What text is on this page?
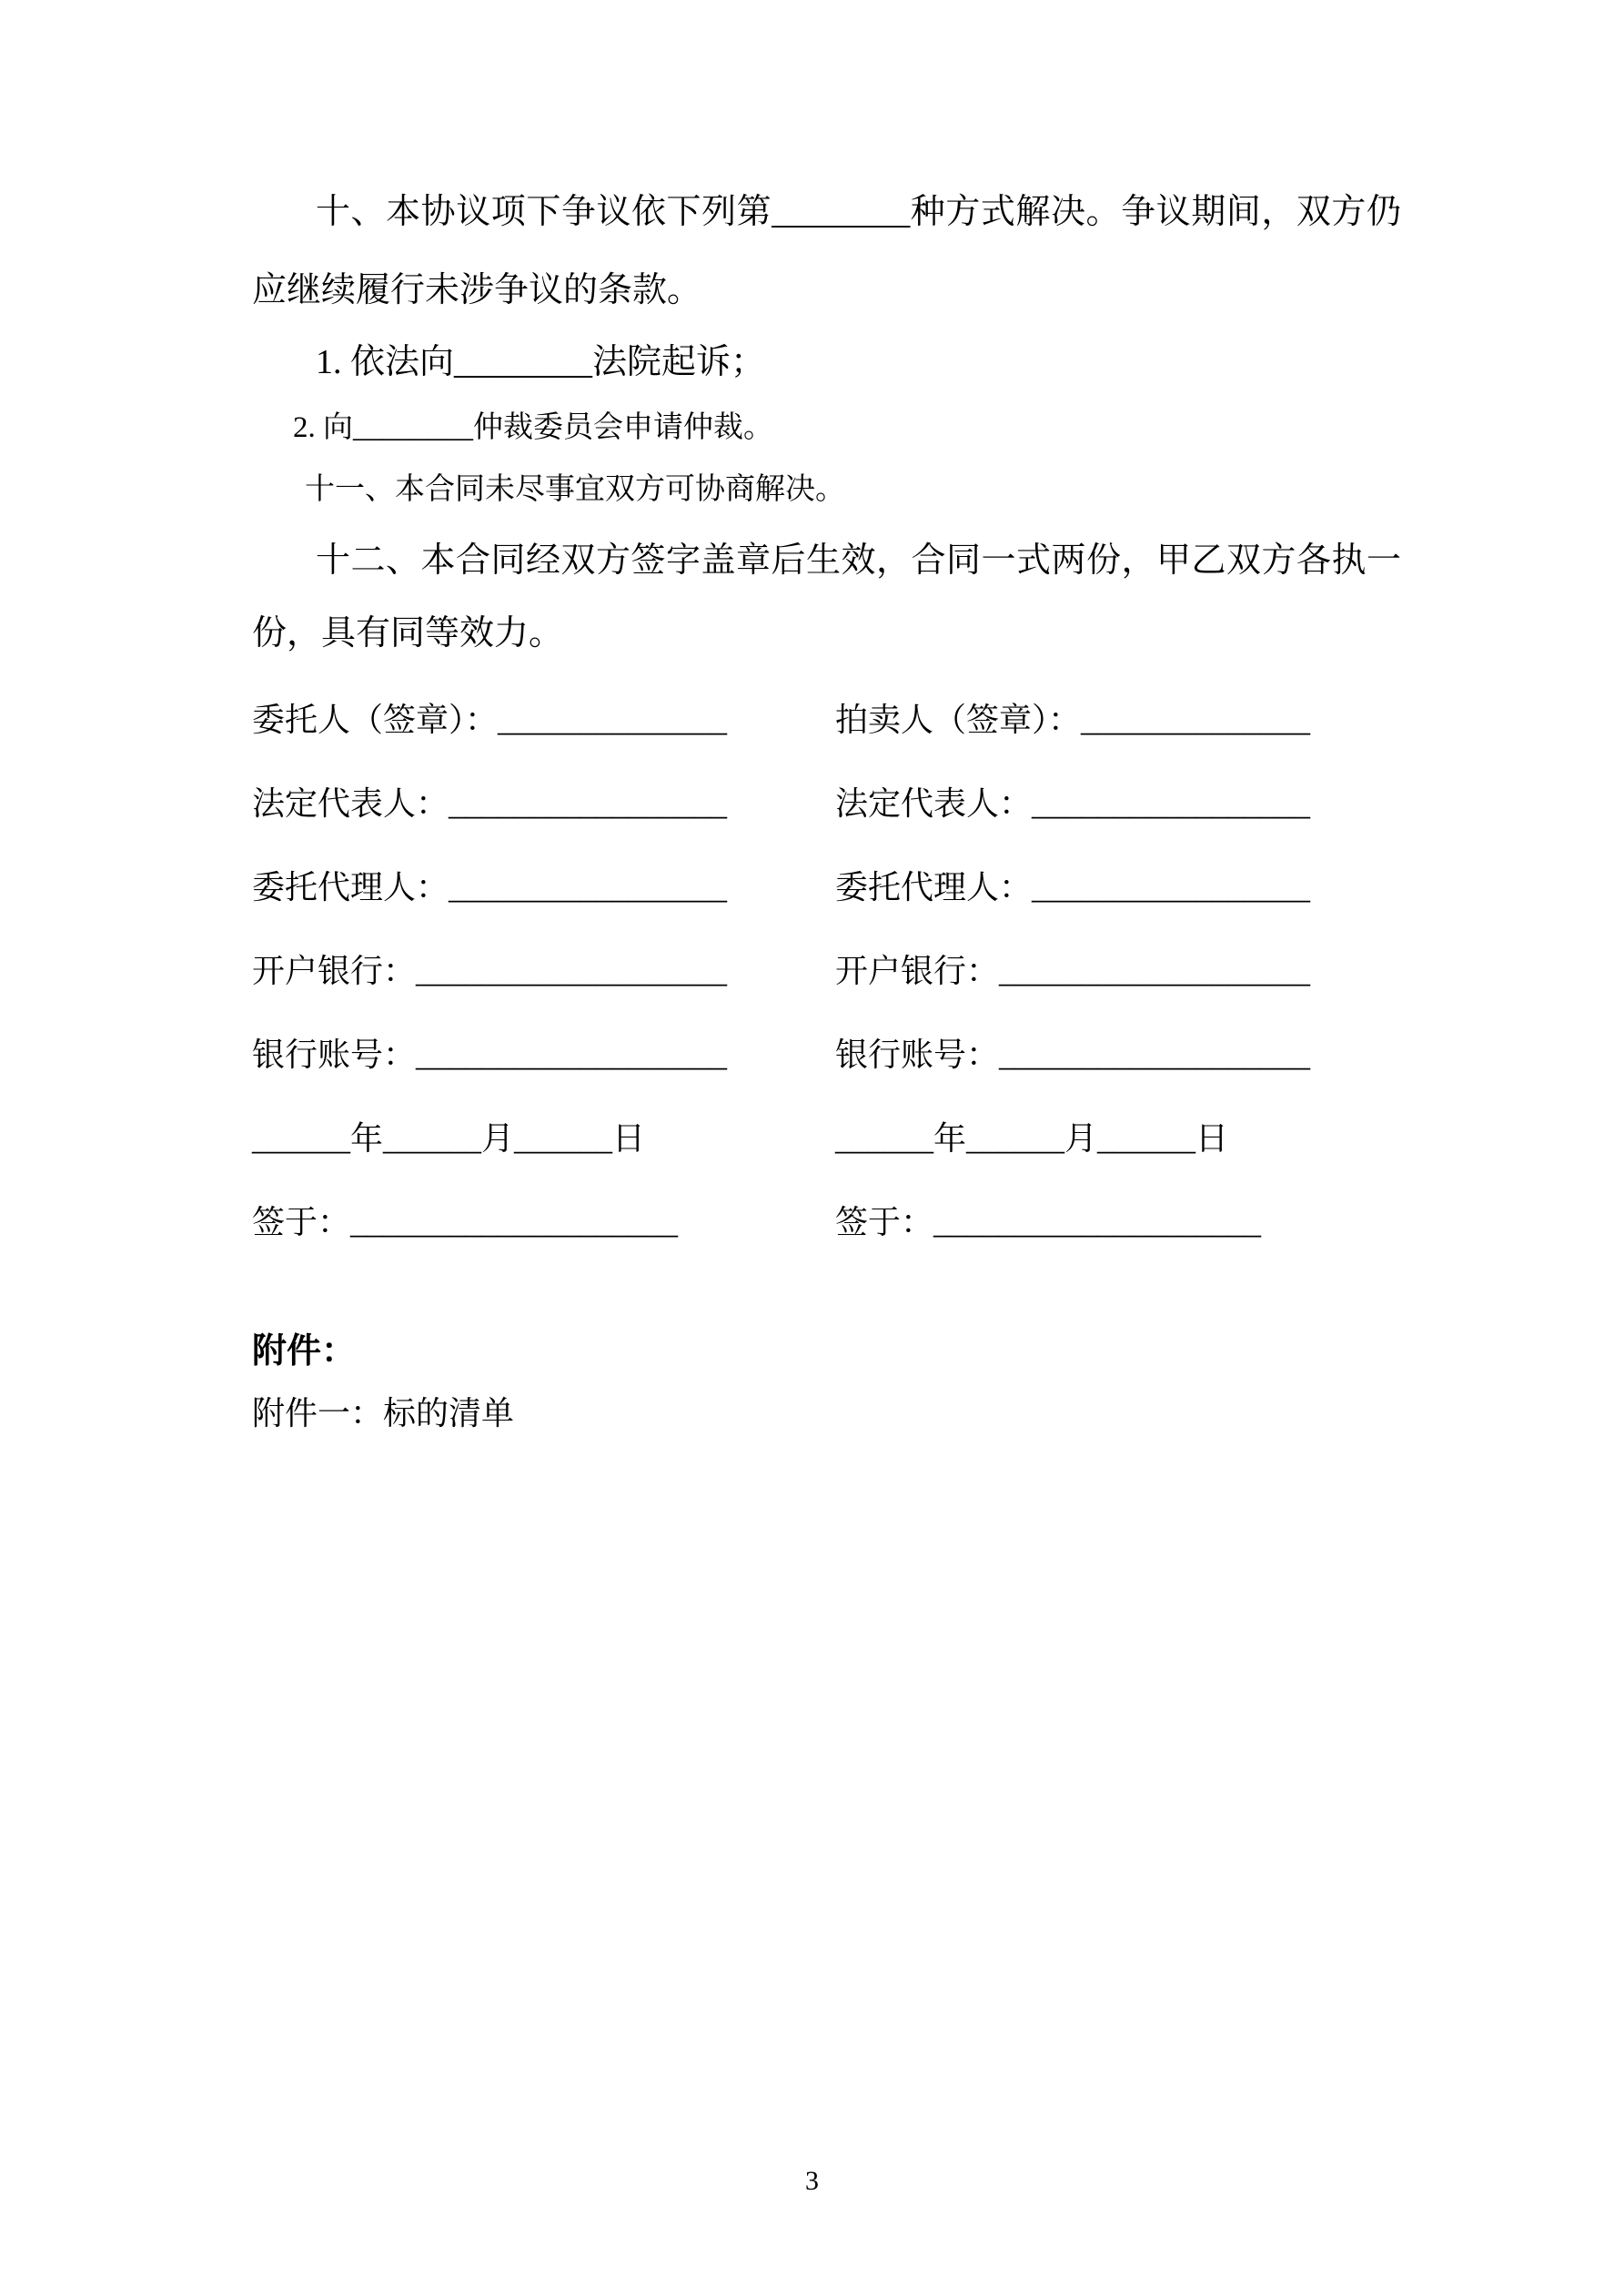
十、本协议项下争议依下列第________种方式解决。争议期间，双方仍应继续履行未涉争议的条款。

1. 依法向________法院起诉；

2. 向________仲裁委员会申请仲裁。

十一、本合同未尽事宜双方可协商解决。

十二、本合同经双方签字盖章后生效，合同一式两份，甲乙双方各执一份，具有同等效力。

委托人（签章）：______________
法定代表人：_________________
委托代理人：_________________
开户银行：___________________
银行账号：___________________
______年______月______日
签于：____________________
拍卖人（签章）：______________
法定代表人：_________________
委托代理人：_________________
开户银行：___________________
银行账号：___________________
______年______月______日
签于：____________________

附件：

附件一：标的清单

3
